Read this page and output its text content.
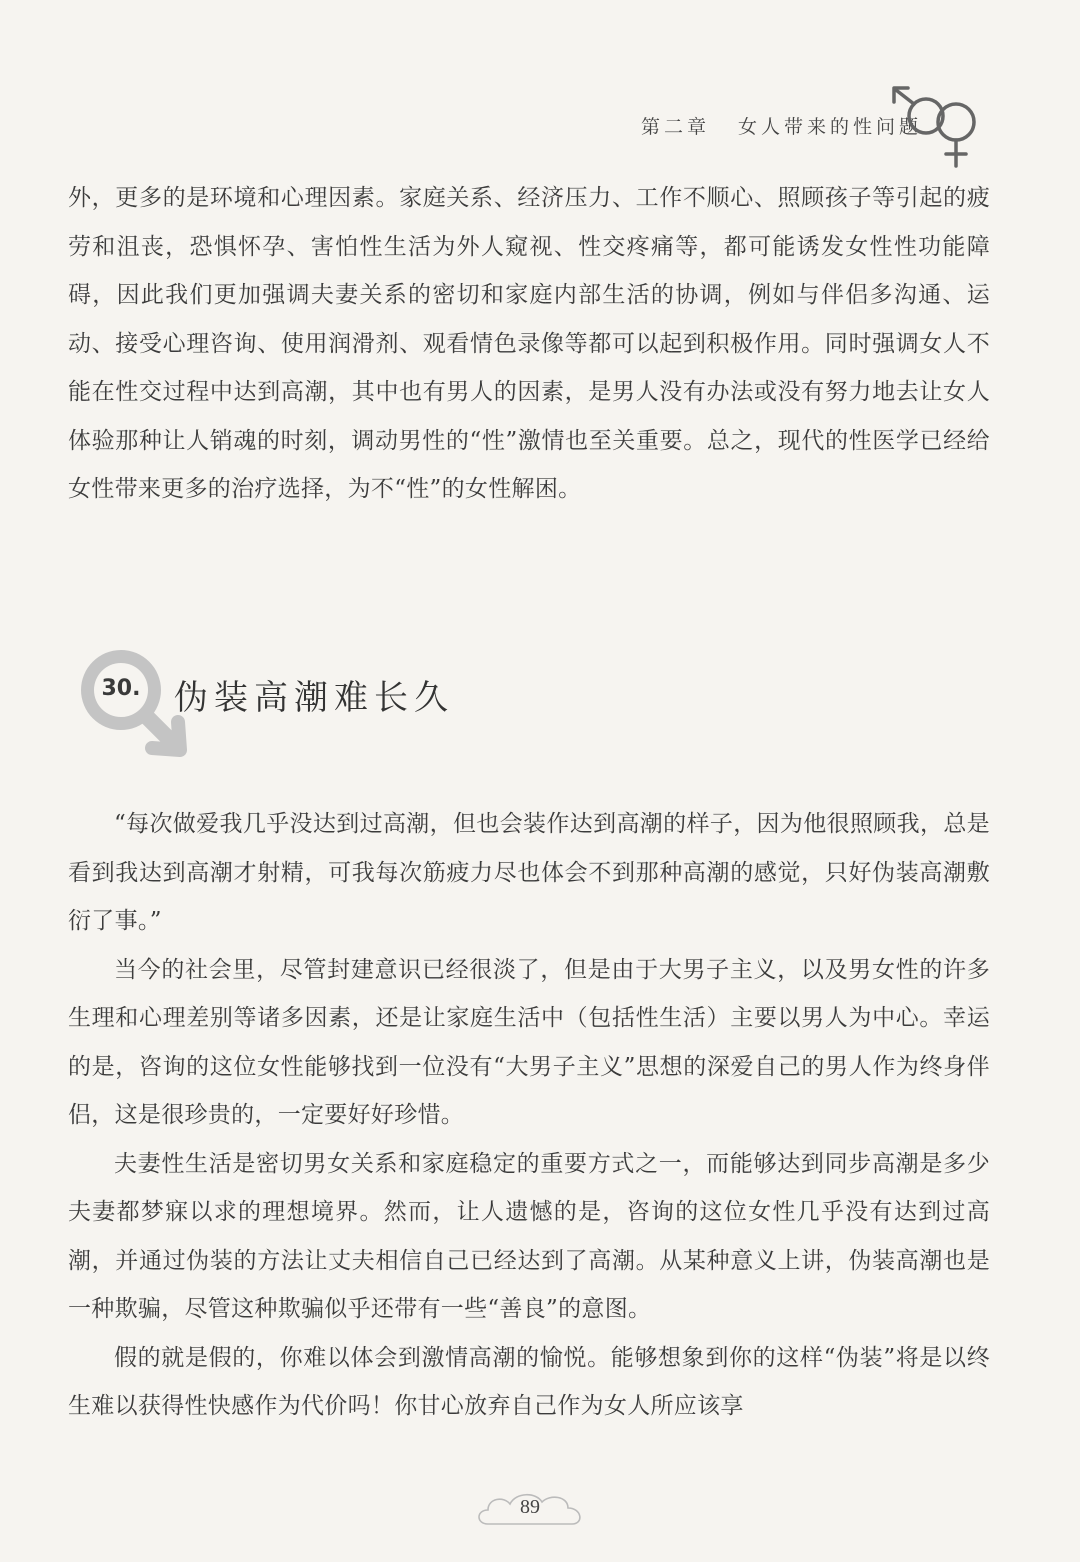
第二章 女人带来的性问题

外，更多的是环境和心理因素。家庭关系、经济压力、工作不顺心、照顾孩子等引起的疲劳和沮丧，恐惧怀孕、害怕性生活为外人窥视、性交疼痛等，都可能诱发女性性功能障碍，因此我们更加强调夫妻关系的密切和家庭内部生活的协调，例如与伴侣多沟通、运动、接受心理咨询、使用润滑剂、观看情色录像等都可以起到积极作用。同时强调女人不能在性交过程中达到高潮，其中也有男人的因素，是男人没有办法或没有努力地去让女人体验那种让人销魂的时刻，调动男性的“性”激情也至关重要。总之，现代的性医学已经给女性带来更多的治疗选择，为不“性”的女性解困。

30. 伪装高潮难长久

“每次做爱我几乎没达到过高潮，但也会装作达到高潮的样子，因为他很照顾我，总是看到我达到高潮才射精，可我每次筋疲力尽也体会不到那种高潮的感觉，只好伪装高潮敷衍了事。”

当今的社会里，尽管封建意识已经很淡了，但是由于大男子主义，以及男女性的许多生理和心理差别等诸多因素，还是让家庭生活中（包括性生活）主要以男人为中心。幸运的是，咨询的这位女性能够找到一位没有“大男子主义”思想的深爱自己的男人作为终身伴侣，这是很珍贵的，一定要好好珍惜。

夫妻性生活是密切男女关系和家庭稳定的重要方式之一，而能够达到同步高潮是多少夫妻都梦寐以求的理想境界。然而，让人遗憾的是，咨询的这位女性几乎没有达到过高潮，并通过伪装的方法让丈夫相信自己已经达到了高潮。从某种意义上讲，伪装高潮也是一种欺骗，尽管这种欺骗似乎还带有一些“善良”的意图。

假的就是假的，你难以体会到激情高潮的愉悦。能够想象到你的这样“伪装”将是以终生难以获得性快感作为代价吗！你甘心放弃自己作为女人所应该享

89
